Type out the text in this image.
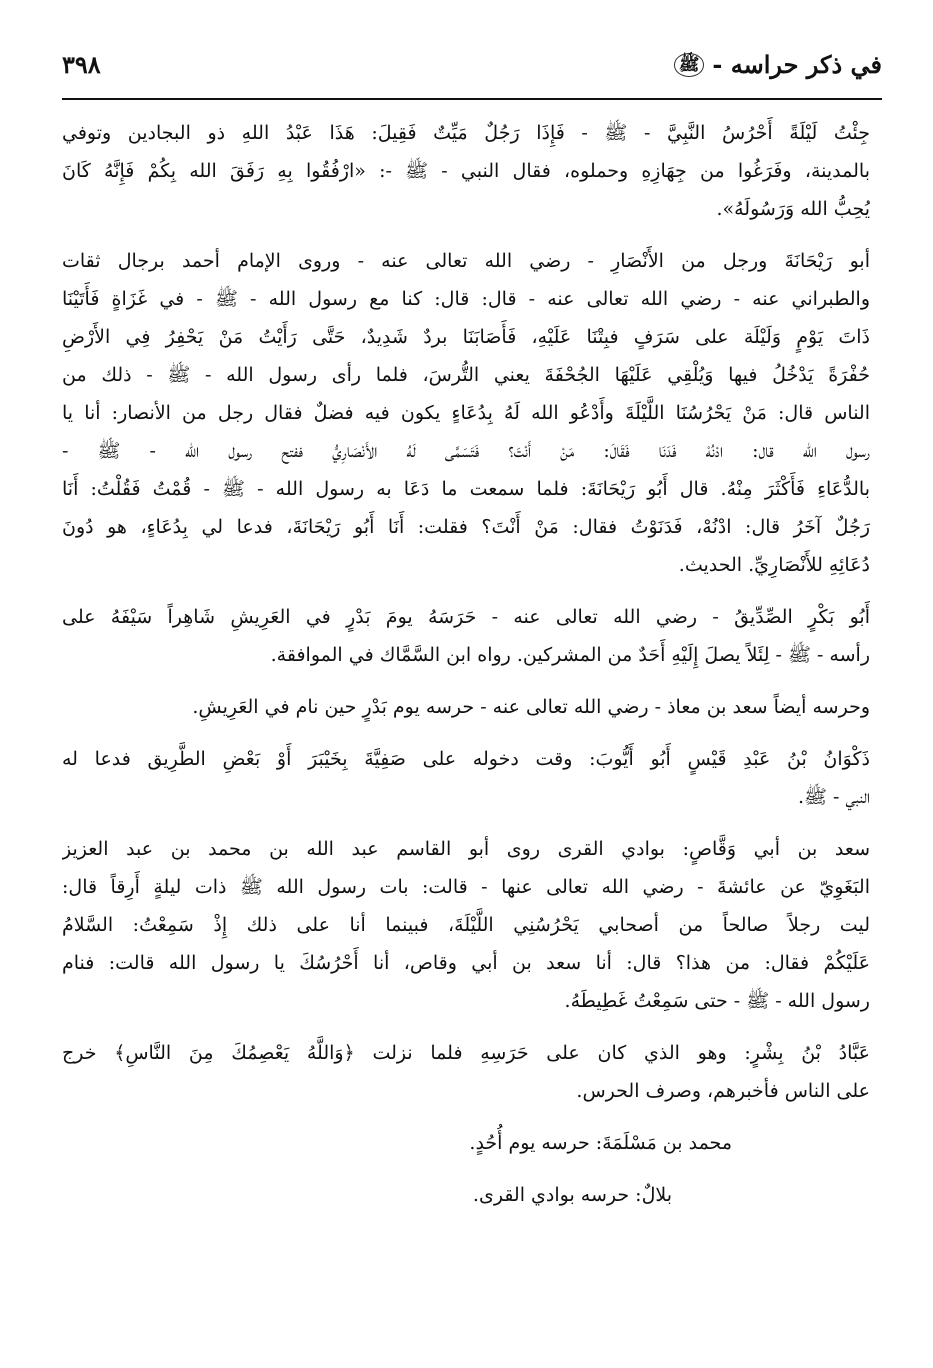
في ذكر حراسه -
ﷺ
٣٩٨
جِئْتُ لَيْلَةً أَحْرُسُ النَّبِيَّ - ﷺ - فَإِذَا رَجُلٌ مَيِّتٌ فَقِيلَ: هَذَا عَبْدُ اللهِ ذو البجادين وتوفي
بالمدينة، وفَرَغُوا من جِهَازِهِ وحملوه، فقال النبي - ﷺ -: «ارْفُقُوا بِهِ رَفَقَ الله بِكُمْ فَإِنَّهُ كَانَ
يُحِبُّ الله وَرَسُولَهُ».
أبو رَيْحَانَةَ ورجل من الأَنْصَارِ - رضي الله تعالى عنه - وروى الإمام أحمد برجال ثقات
والطبراني عنه - رضي الله تعالى عنه - قال: قال: كنا مع رسول الله - ﷺ - في غَزَاةٍ فَأَتَيْنَا
ذَاتَ يَوْمٍ وَلَيْلَة على سَرَفٍ فبِتْنَا عَلَيْهِ، فَأَصَابَنَا بردٌ شَدِيدٌ، حَتَّى رَأَيْتُ مَنْ يَحْفِرُ فِي الأَرْضِ
حُفْرَةً يَدْخُلُ فيها وَيُلْقِي عَلَيْهَا الجُحْفَةَ يعني التُّرسَ، فلما رأى رسول الله - ﷺ - ذلك من
الناس قال: مَنْ يَحْرُسُنَا اللَّيْلَةَ وأَدْعُو الله لَهُ بِدُعَاءٍ يكون فيه فضلٌ فقال رجل من الأنصار: أنا يا
رسول الله قال: ادْنُهْ فَدَنَا فَقَالَ: مَنْ أَنْتَ؟ فَتَسَمَّى لَهُ الأَنْصَارِيُّ ففتح رسول الله - ﷺ -
بالدُّعَاءِ فَأَكْثَرَ مِنْهُ. قال أَبُو رَيْحَانَةَ: فلما سمعت ما دَعَا به رسول الله - ﷺ - قُمْتُ فَقُلْتُ: أَنَا
رَجُلٌ آخَرُ قال: ادْنُهْ، فَدَنَوْتُ فقال: مَنْ أَنْتَ؟ فقلت: أَنَا أَبُو رَيْحَانَةَ، فدعا لي بِدُعَاءٍ، هو دُونَ
دُعَائِهِ للأَنْصَارِيِّ. الحديث.
أَبُو بَكْرٍ الصِّدِّيقُ - رضي الله تعالى عنه - حَرَسَهُ يومَ بَدْرٍ في العَرِيشِ شَاهِراً سَيْفَهُ على
رأسه - ﷺ - لِئَلاً يصلَ إِلَيْهِ أَحَدٌ من المشركين. رواه ابن السَّمَّاك في الموافقة.
وحرسه أيضاً سعد بن معاذ - رضي الله تعالى عنه - حرسه يوم بَدْرٍ حين نام في العَرِيشِ.
ذَكْوَانُ بْنُ عَبْدِ قَيْسٍ أَبُو أَيُّوبَ: وقت دخوله على صَفِيَّةَ بِخَيْبَرَ أَوْ بَعْضِ الطَّرِيق فدعا له
النبي - ﷺ.
سعد بن أبي وَقَّاصٍ: بوادي القرى روى أبو القاسم عبد الله بن محمد بن عبد العزيز
البَغَوِيّ عن عائشةَ - رضي الله تعالى عنها - قالت: بات رسول الله ﷺ ذات ليلةٍ أَرِقاً قال:
ليت رجلاً صالحاً من أصحابي يَحْرُسُنِي اللَّيْلَةَ، فبينما أنا على ذلك إِذْ سَمِعْتُ: السَّلامُ
عَلَيْكُمْ فقال: من هذا؟ قال: أنا سعد بن أبي وقاص، أنا أَحْرُسُكَ يا رسول الله قالت: فنام
رسول الله - ﷺ - حتى سَمِعْتُ غَطِيطَهُ.
عَبَّادُ بْنُ بِشْرٍ: وهو الذي كان على حَرَسِهِ فلما نزلت ﴿وَاللَّهُ يَعْصِمُكَ مِنَ النَّاسِ﴾ خرج
على الناس فأخبرهم، وصرف الحرس.
محمد بن مَسْلَمَةَ: حرسه يوم أُحُدٍ.
بلالٌ: حرسه بوادي القرى.
